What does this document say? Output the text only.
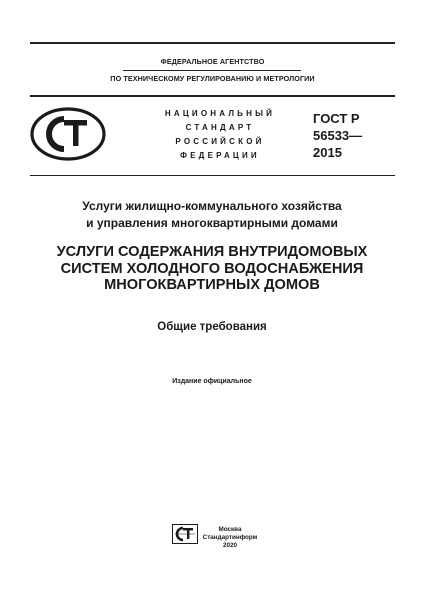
ФЕДЕРАЛЬНОЕ АГЕНТСТВО
ПО ТЕХНИЧЕСКОМУ РЕГУЛИРОВАНИЮ И МЕТРОЛОГИИ
НАЦИОНАЛЬНЫЙ
СТАНДАРТ
РОССИЙСКОЙ
ФЕДЕРАЦИИ
ГОСТ Р
56533—
2015
Услуги жилищно-коммунального хозяйства
и управления многоквартирными домами
УСЛУГИ СОДЕРЖАНИЯ ВНУТРИДОМОВЫХ
СИСТЕМ ХОЛОДНОГО ВОДОСНАБЖЕНИЯ
МНОГОКВАРТИРНЫХ ДОМОВ
Общие требования
Издание официальное
Москва
Стандартинформ
2020
